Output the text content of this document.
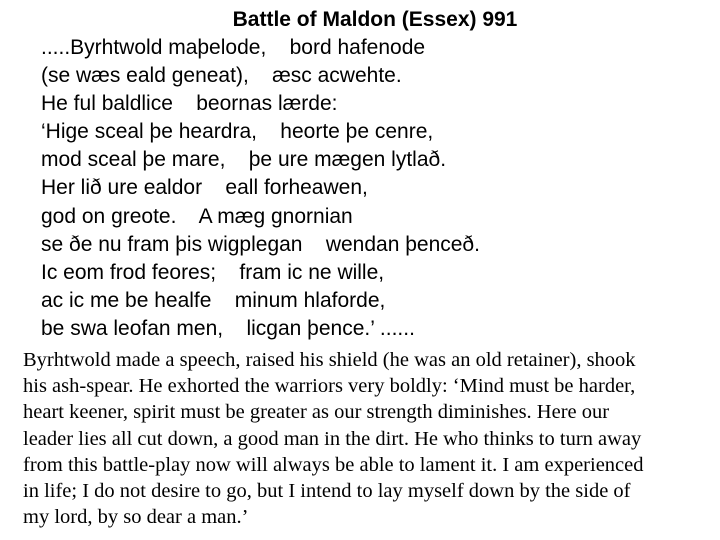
Battle of Maldon (Essex) 991
.....Byrhtwold maþelode,    bord hafenode
(se wæs eald geneat),    æsc acwehte.
He ful baldlice    beornas lærde:
‘Hige sceal þe heardra,    heorte þe cenre,
mod sceal þe mare,    þe ure mægen lytlað.
Her lið ure ealdor    eall forheawen,
god on greote.    A mæg gnornian
se ðe nu fram þis wigplegan    wendan þenceð.
Ic eom frod feores;    fram ic ne wille,
ac ic me be healfe    minum hlaforde,
be swa leofan men,    licgan þence.’ ......
Byrhtwold made a speech, raised his shield (he was an old retainer), shook
his ash-spear. He exhorted the warriors very boldly: ‘Mind must be harder,
heart keener, spirit must be greater as our strength diminishes. Here our
leader lies all cut down, a good man in the dirt. He who thinks to turn away
from this battle-play now will always be able to lament it. I am experienced
in life; I do not desire to go, but I intend to lay myself down by the side of
my lord, by so dear a man.’
